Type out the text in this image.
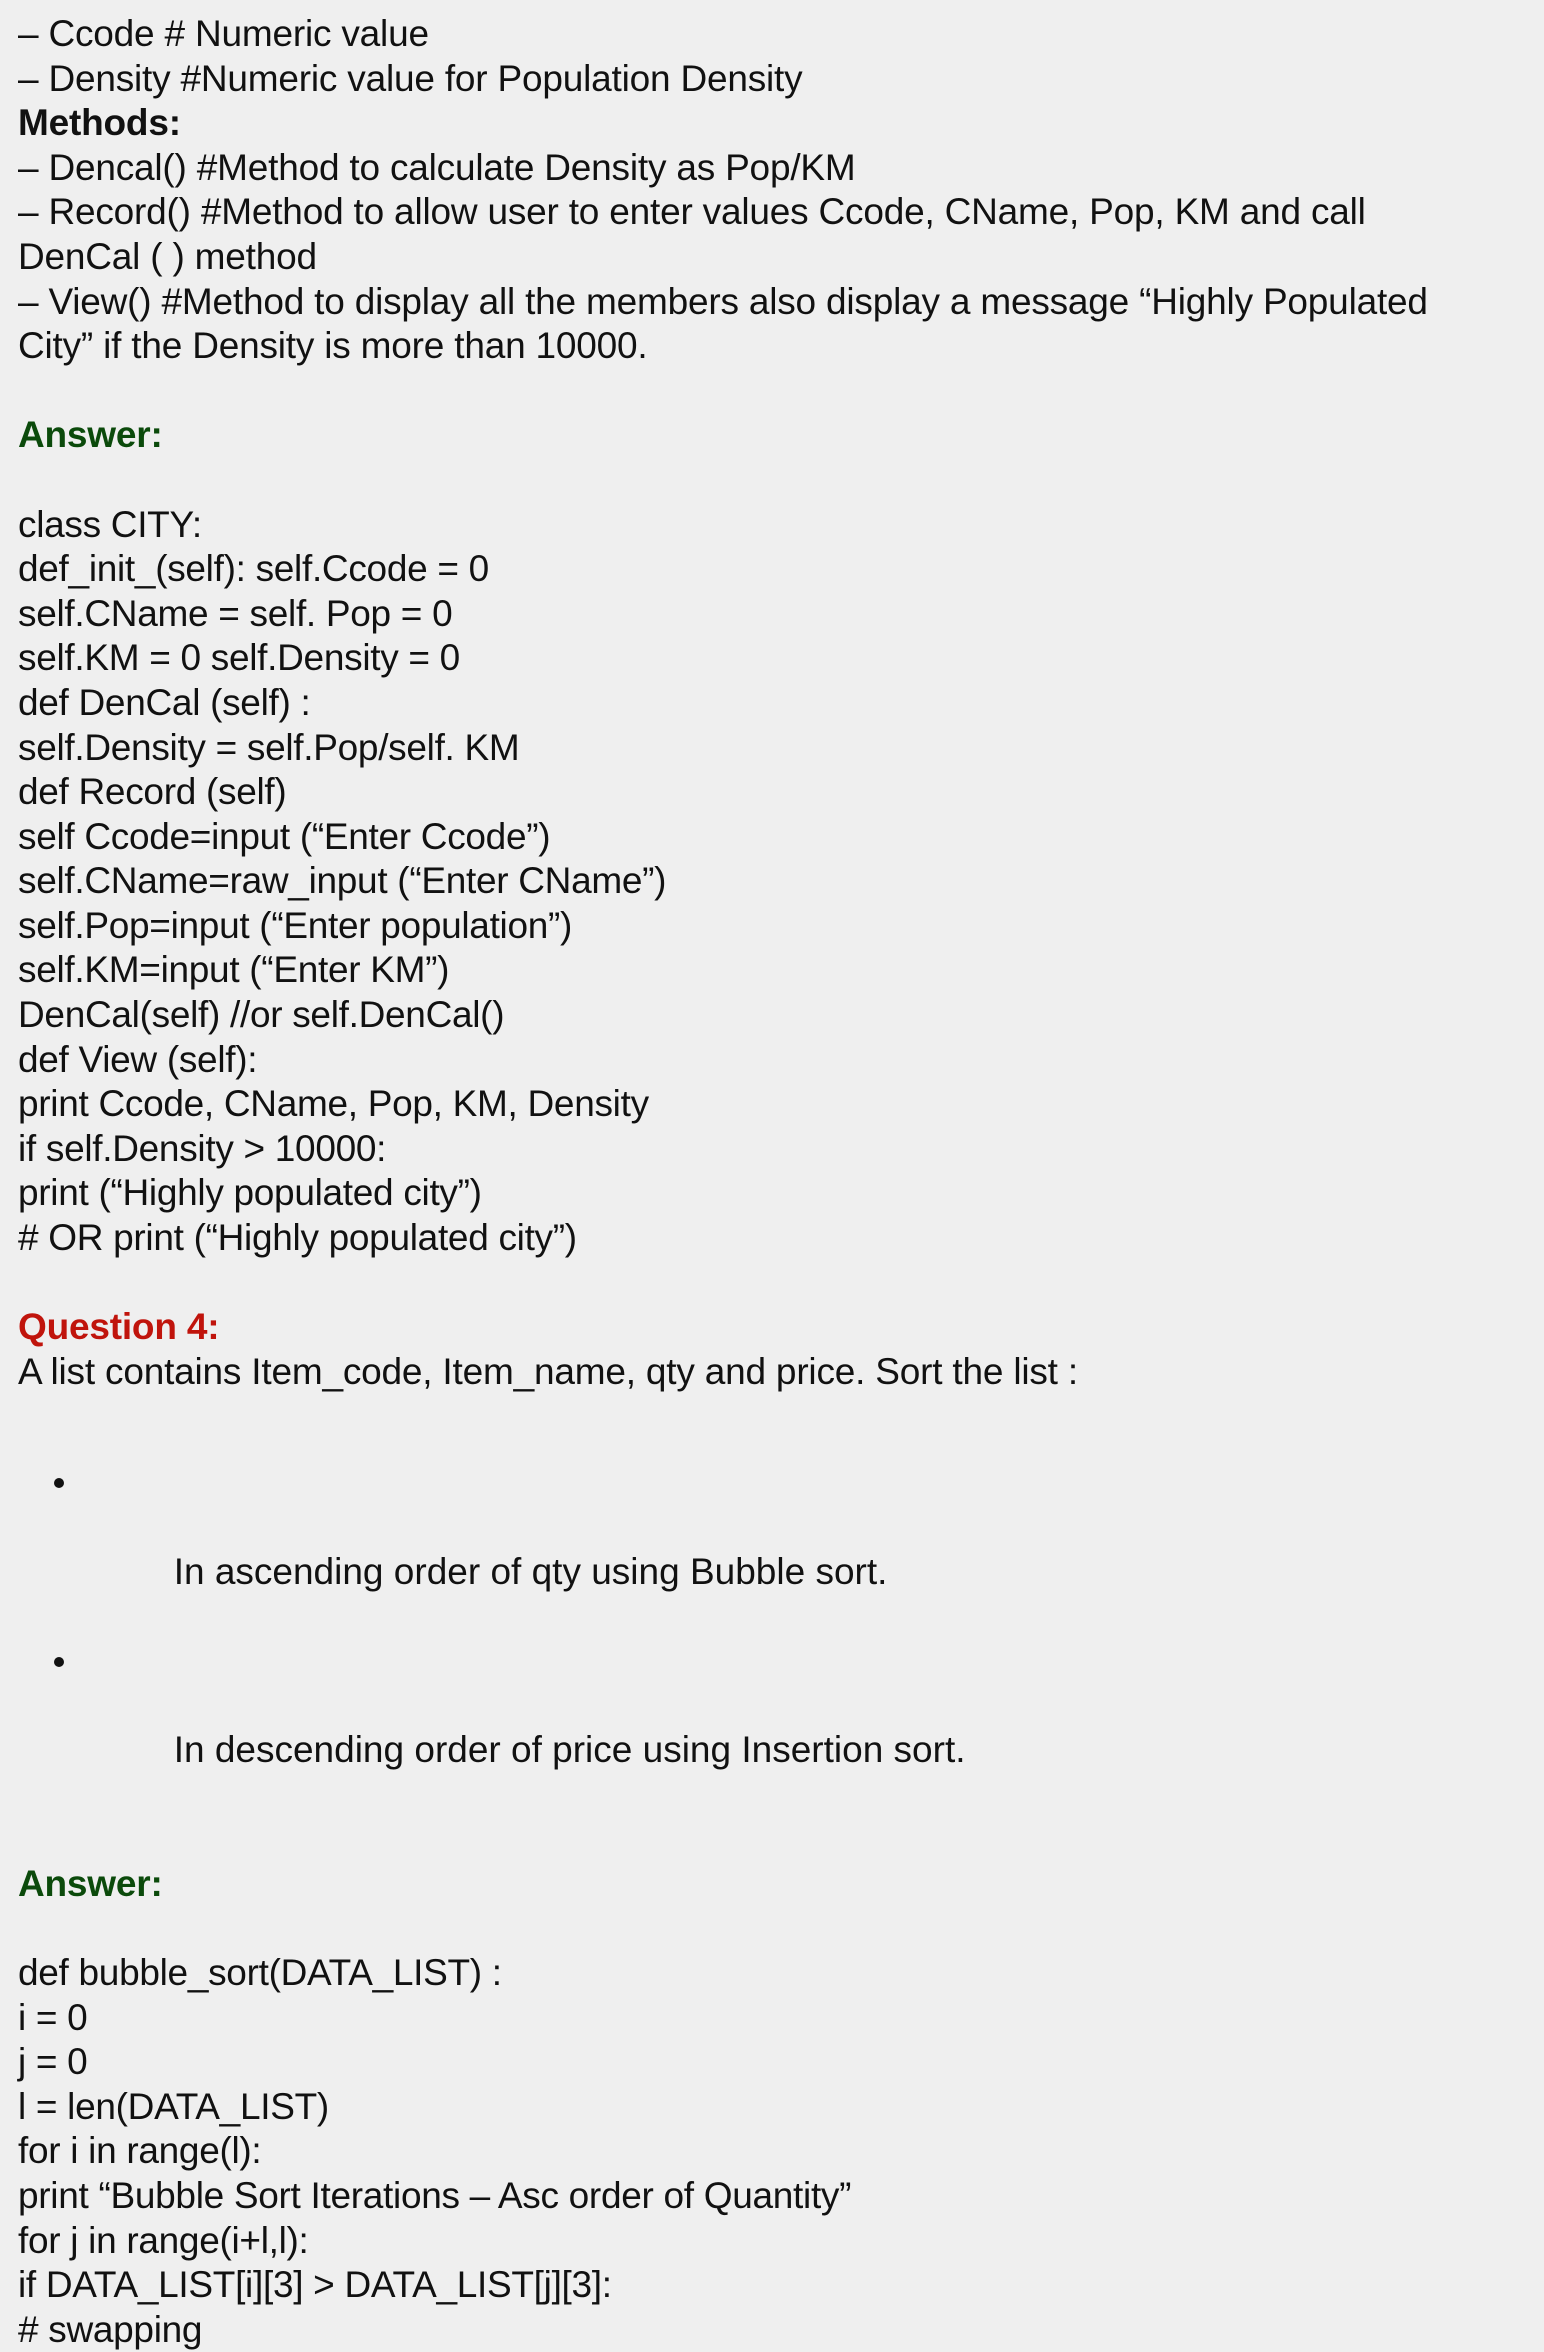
– Ccode # Numeric value
– Density #Numeric value for Population Density
Methods:
– Dencal() #Method to calculate Density as Pop/KM
– Record() #Method to allow user to enter values Ccode, CName, Pop, KM and call
DenCal ( ) method
– View() #Method to display all the members also display a message “Highly Populated
City” if the Density is more than 10000.
Answer:
class CITY:
def_init_(self): self.Ccode = 0
self.CName = self. Pop = 0
self.KM = 0 self.Density = 0
def DenCal (self) :
self.Density = self.Pop/self. KM
def Record (self)
self Ccode=input (“Enter Ccode”)
self.CName=raw_input (“Enter CName”)
self.Pop=input (“Enter population”)
self.KM=input (“Enter KM”)
DenCal(self) //or self.DenCal()
def View (self):
print Ccode, CName, Pop, KM, Density
if self.Density > 10000:
print (“Highly populated city”)
# OR print (“Highly populated city”)
Question 4:
A list contains Item_code, Item_name, qty and price. Sort the list :

In ascending order of qty using Bubble sort.

In descending order of price using Insertion sort.

Answer:
def bubble_sort(DATA_LIST) :
i = 0
j = 0
l = len(DATA_LIST)
for i in range(l):
print “Bubble Sort Iterations – Asc order of Quantity”
for j in range(i+l,l):
if DATA_LIST[i][3] > DATA_LIST[j][3]:
# swapping
